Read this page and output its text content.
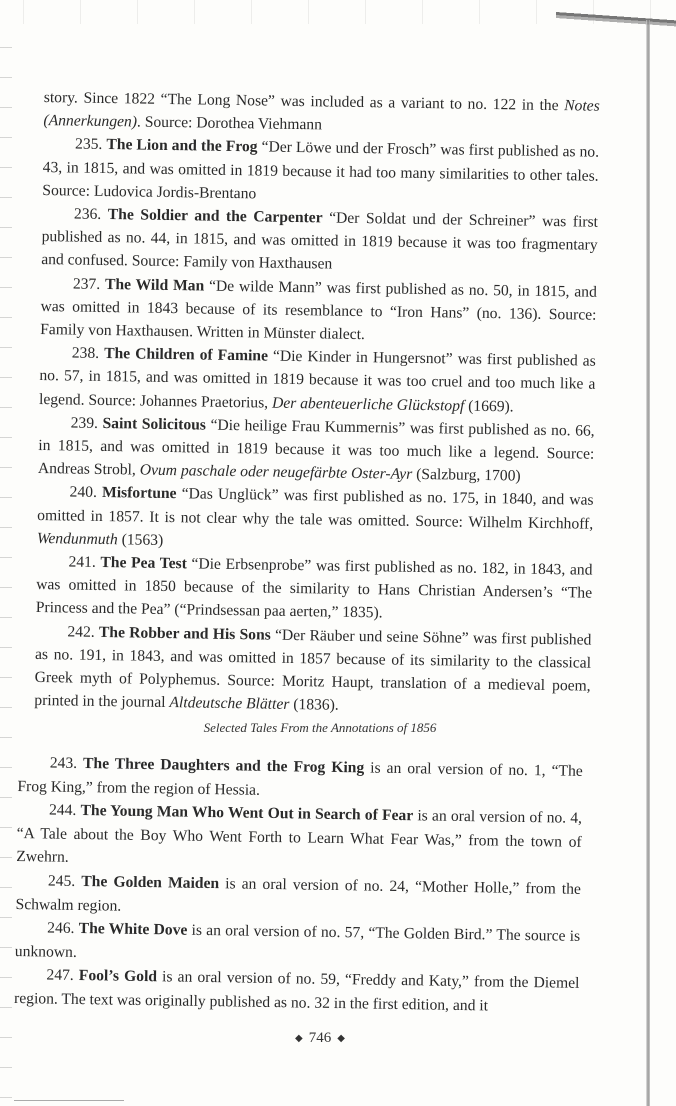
story. Since 1822 “The Long Nose” was included as a variant to no. 122 in the Notes (Annerkungen). Source: Dorothea Viehmann

235. The Lion and the Frog “Der Löwe und der Frosch” was first published as no. 43, in 1815, and was omitted in 1819 because it had too many similarities to other tales. Source: Ludovica Jordis-Brentano

236. The Soldier and the Carpenter “Der Soldat und der Schreiner” was first published as no. 44, in 1815, and was omitted in 1819 because it was too fragmentary and confused. Source: Family von Haxthausen

237. The Wild Man “De wilde Mann” was first published as no. 50, in 1815, and was omitted in 1843 because of its resemblance to “Iron Hans” (no. 136). Source: Family von Haxthausen. Written in Münster dialect.

238. The Children of Famine “Die Kinder in Hungersnot” was first published as no. 57, in 1815, and was omitted in 1819 because it was too cruel and too much like a legend. Source: Johannes Praetorius, Der abenteuerliche Glückstopf (1669).

239. Saint Solicitous “Die heilige Frau Kummernis” was first published as no. 66, in 1815, and was omitted in 1819 because it was too much like a legend. Source: Andreas Strobl, Ovum paschale oder neugefärbte Oster-Ayr (Salzburg, 1700)

240. Misfortune “Das Unglück” was first published as no. 175, in 1840, and was omitted in 1857. It is not clear why the tale was omitted. Source: Wilhelm Kirchhoff, Wendunmuth (1563)

241. The Pea Test “Die Erbsenprobe” was first published as no. 182, in 1843, and was omitted in 1850 because of the similarity to Hans Christian Andersen’s “The Princess and the Pea” (“Prindsessan paa aerten,” 1835).

242. The Robber and His Sons “Der Räuber und seine Söhne” was first published as no. 191, in 1843, and was omitted in 1857 because of its similarity to the classical Greek myth of Polyphemus. Source: Moritz Haupt, translation of a medieval poem, printed in the journal Altdeutsche Blätter (1836).

Selected Tales From the Annotations of 1856

243. The Three Daughters and the Frog King is an oral version of no. 1, “The Frog King,” from the region of Hessia.

244. The Young Man Who Went Out in Search of Fear is an oral version of no. 4, “A Tale about the Boy Who Went Forth to Learn What Fear Was,” from the town of Zwehrn.

245. The Golden Maiden is an oral version of no. 24, “Mother Holle,” from the Schwalm region.

246. The White Dove is an oral version of no. 57, “The Golden Bird.” The source is unknown.

247. Fool’s Gold is an oral version of no. 59, “Freddy and Katy,” from the Diemel region. The text was originally published as no. 32 in the first edition, and it

◆ 746 ◆
